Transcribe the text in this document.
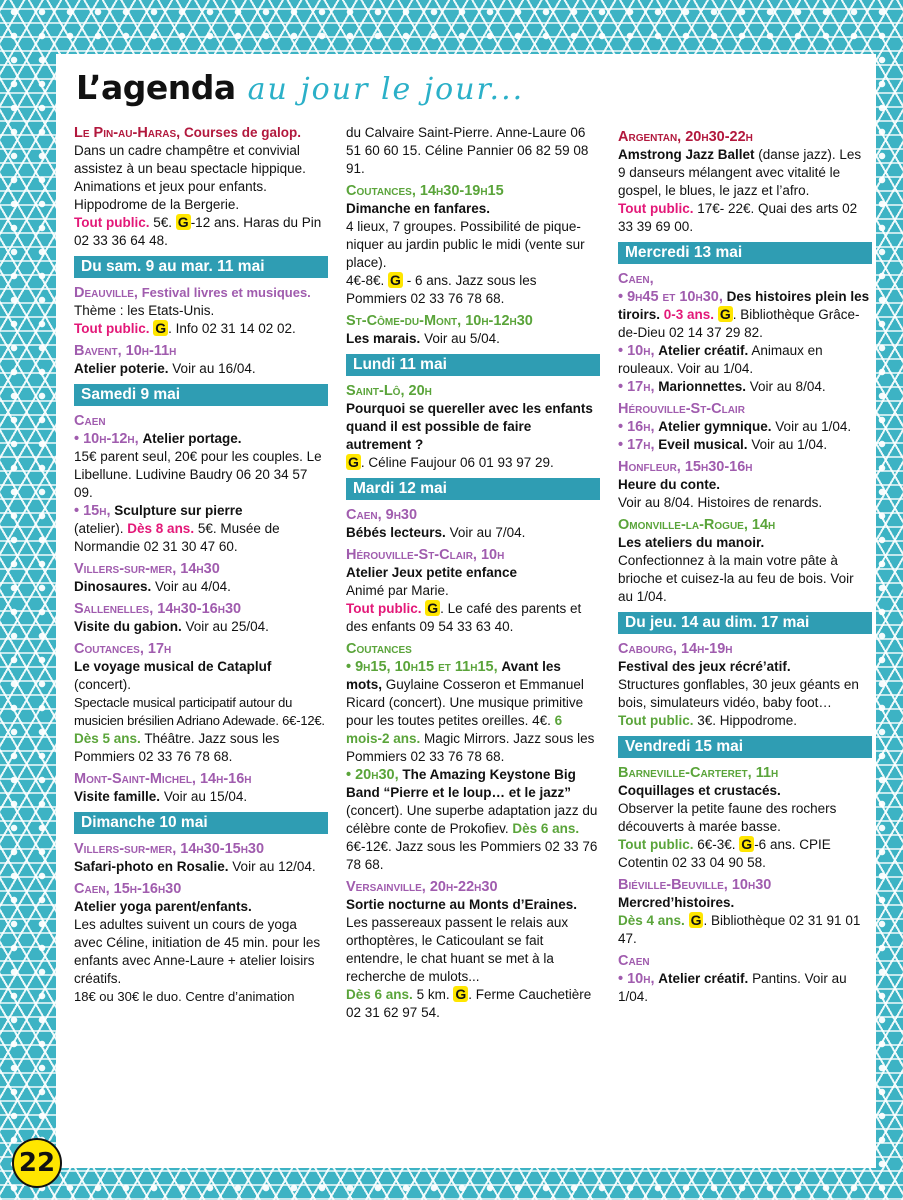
L’agenda au jour le jour...
Le Pin-au-Haras, Courses de galop.
Dans un cadre champêtre et convivial assistez à un beau spectacle hippique. Animations et jeux pour enfants.
Hippodrome de la Bergerie.
Tout public. 5€. G -12 ans. Haras du Pin 02 33 36 64 48.
Du sam. 9 au mar. 11 mai
Deauville, Festival livres et musiques.
Thème : les Etats-Unis.
Tout public. G . Info 02 31 14 02 02.
Bavent, 10h-11h
Atelier poterie. Voir au 16/04.
Samedi 9 mai
Caen
• 10h-12h, Atelier portage.
15€ parent seul, 20€ pour les couples. Le Libellune. Ludivine Baudry 06 20 34 57 09.
• 15h, Sculpture sur pierre
(atelier). Dès 8 ans. 5€. Musée de Normandie 02 31 30 47 60.
Villers-sur-mer, 14h30
Dinosaures. Voir au 4/04.
Sallenelles, 14h30-16h30
Visite du gabion. Voir au 25/04.
Coutances, 17h
Le voyage musical de Catapluf
(concert).
Spectacle musical participatif autour du musicien brésilien Adriano Adewade. 6€-12€.
Dès 5 ans. Théâtre. Jazz sous les Pommiers 02 33 76 78 68.
Mont-Saint-Michel, 14h-16h
Visite famille. Voir au 15/04.
Dimanche 10 mai
Villers-sur-mer, 14h30-15h30
Safari-photo en Rosalie. Voir au 12/04.
Caen, 15h-16h30
Atelier yoga parent/enfants.
Les adultes suivent un cours de yoga avec Céline, initiation de 45 min. pour les enfants avec Anne-Laure + atelier loisirs créatifs.
18€ ou 30€ le duo. Centre d’animation
du Calvaire Saint-Pierre. Anne-Laure 06 51 60 60 15. Céline Pannier 06 82 59 08 91.
Coutances, 14h30-19h15
Dimanche en fanfares.
4 lieux, 7 groupes. Possibilité de pique-niquer au jardin public le midi (vente sur place).
4€-8€. G - 6 ans. Jazz sous les Pommiers 02 33 76 78 68.
St-Côme-du-Mont, 10h-12h30
Les marais. Voir au 5/04.
Lundi 11 mai
Saint-Lô, 20h
Pourquoi se quereller avec les enfants quand il est possible de faire autrement ?
G . Céline Faujour 06 01 93 97 29.
Mardi 12 mai
Caen, 9h30
Bébés lecteurs. Voir au 7/04.
Hérouville-St-Clair, 10h
Atelier Jeux petite enfance
Animé par Marie.
Tout public. G . Le café des parents et des enfants 09 54 33 63 40.
Coutances
• 9h15, 10h15 et 11h15, Avant les mots, Guylaine Cosseron et Emmanuel Ricard (concert). Une musique primitive pour les toutes petites oreilles. 4€. 6 mois-2 ans. Magic Mirrors. Jazz sous les Pommiers 02 33 76 78 68.
• 20h30, The Amazing Keystone Big Band “Pierre et le loup… et le jazz” (concert). Une superbe adaptation jazz du célèbre conte de Prokofiev. Dès 6 ans. 6€-12€. Jazz sous les Pommiers 02 33 76 78 68.
Versainville, 20h-22h30
Sortie nocturne au Monts d’Eraines.
Les passereaux passent le relais aux orthoptères, le Caticoulant se fait entendre, le chat huant se met à la recherche de mulots...
Dès 6 ans. 5 km. G . Ferme Cauchetière 02 31 62 97 54.
Argentan, 20h30-22h
Amstrong Jazz Ballet (danse jazz). Les 9 danseurs mélangent avec vitalité le gospel, le blues, le jazz et l’afro.
Tout public. 17€- 22€. Quai des arts 02 33 39 69 00.
Mercredi 13 mai
Caen,
• 9h45 et 10h30, Des histoires plein les tiroirs. 0-3 ans. G . Bibliothèque Grâce-de-Dieu 02 14 37 29 82.
• 10h, Atelier créatif. Animaux en rouleaux. Voir au 1/04.
• 17h, Marionnettes. Voir au 8/04.
Hérouville-St-Clair
• 16h, Atelier gymnique. Voir au 1/04.
• 17h, Eveil musical. Voir au 1/04.
Honfleur, 15h30-16h
Heure du conte.
Voir au 8/04. Histoires de renards.
Omonville-la-Rogue, 14h
Les ateliers du manoir.
Confectionnez à la main votre pâte à brioche et cuisez-la au feu de bois. Voir au 1/04.
Du jeu. 14 au dim. 17 mai
Cabourg, 14h-19h
Festival des jeux récré’atif.
Structures gonflables, 30 jeux géants en bois, simulateurs vidéo, baby foot…
Tout public. 3€. Hippodrome.
Vendredi 15 mai
Barneville-Carteret, 11h
Coquillages et crustacés.
Observer la petite faune des rochers découverts à marée basse.
Tout public. 6€-3€. G -6 ans. CPIE Cotentin 02 33 04 90 58.
Biéville-Beuville, 10h30
Mercred’histoires.
Dès 4 ans. G . Bibliothèque 02 31 91 01 47.
Caen
• 10h, Atelier créatif. Pantins. Voir au 1/04.
22
